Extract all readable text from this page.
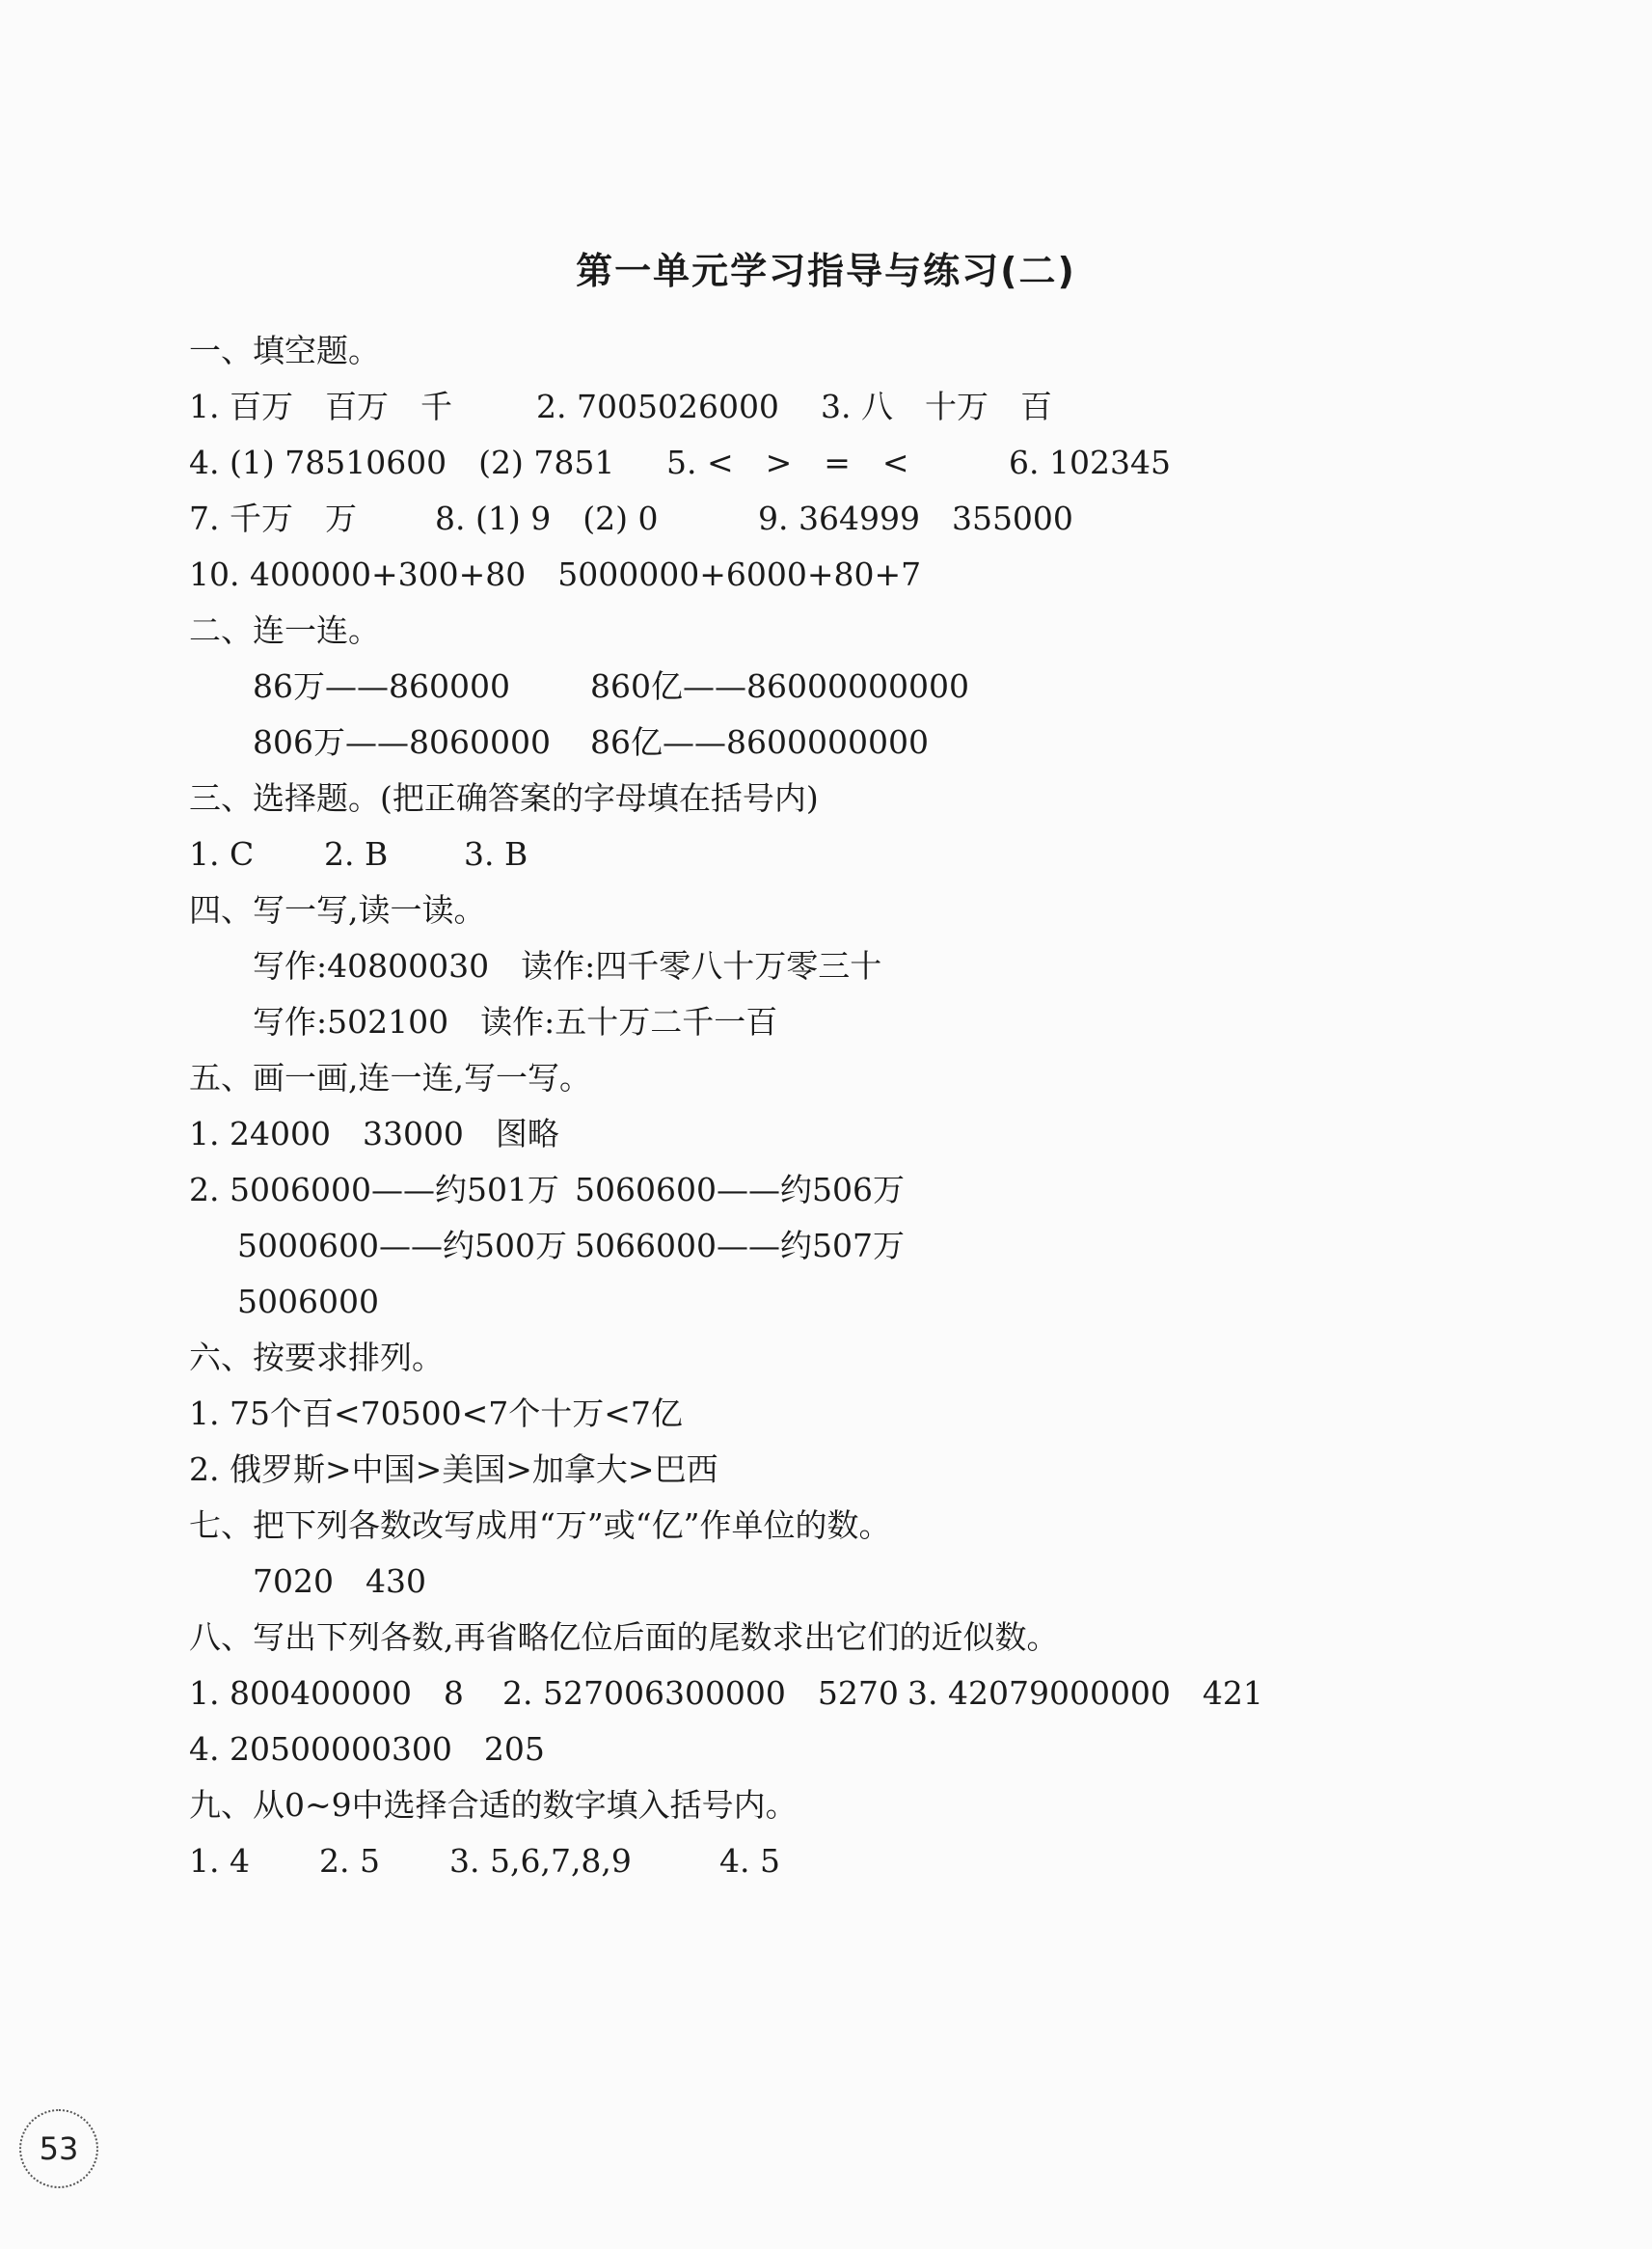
第一单元学习指导与练习(二)
一、填空题。
1. 百万　百万　千	2. 7005026000 3. 八　十万　百
4. (1) 78510600　(2) 7851 5. <　>　=　<	6. 102345
7. 千万　万 8. (1) 9　(2) 0	9. 364999　355000
10. 400000+300+80　5000000+6000+80+7
二、连一连。
86万——860000	860亿——86000000000
806万——8060000 86亿——8600000000
三、选择题。(把正确答案的字母填在括号内)
1. C 2. B 3. B
四、写一写,读一读。
写作:40800030　读作:四千零八十万零三十
写作:502100　读作:五十万二千一百
五、画一画,连一连,写一写。
1. 24000　33000　图略
2. 5006000——约501万 5060600——约506万
5000600——约500万 5066000——约507万
5006000
六、按要求排列。
1. 75个百<70500<7个十万<7亿
2. 俄罗斯>中国>美国>加拿大>巴西
七、把下列各数改写成用“万”或“亿”作单位的数。
7020　430
八、写出下列各数,再省略亿位后面的尾数求出它们的近似数。
1. 800400000　8 2. 527006300000　5270 3. 42079000000　421
4. 20500000300　205
九、从0~9中选择合适的数字填入括号内。
1. 4 2. 5 3. 5,6,7,8,9	4. 5
53
